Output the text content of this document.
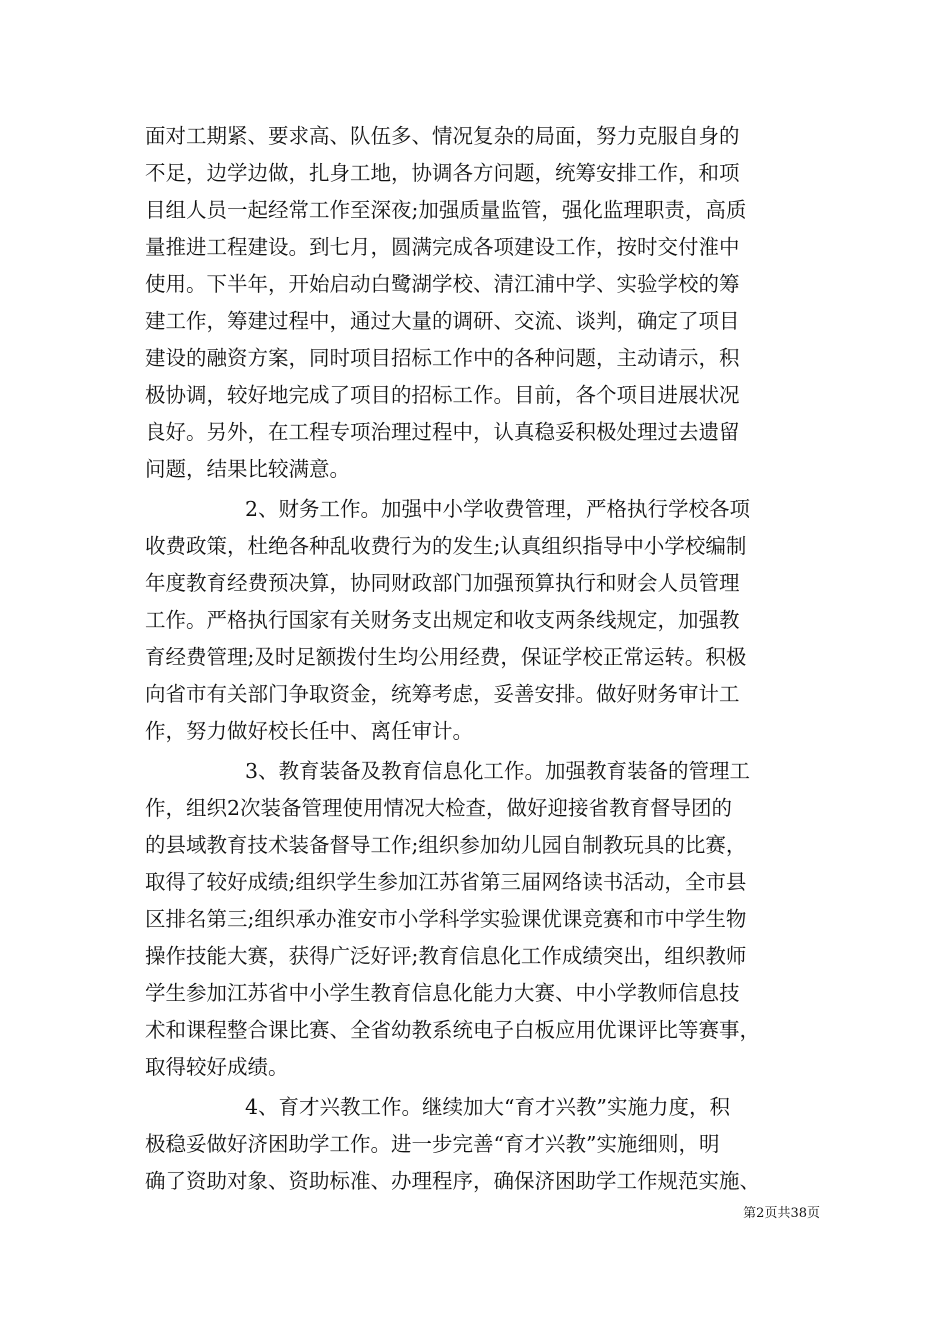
面对工期紧、要求高、队伍多、情况复杂的局面，努力克服自身的
不足，边学边做，扎身工地，协调各方问题，统筹安排工作，和项
目组人员一起经常工作至深夜;加强质量监管，强化监理职责，高质
量推进工程建设。到七月，圆满完成各项建设工作，按时交付淮中
使用。下半年，开始启动白鹭湖学校、清江浦中学、实验学校的筹
建工作，筹建过程中，通过大量的调研、交流、谈判，确定了项目
建设的融资方案，同时项目招标工作中的各种问题，主动请示，积
极协调，较好地完成了项目的招标工作。目前，各个项目进展状况
良好。另外，在工程专项治理过程中，认真稳妥积极处理过去遗留
问题，结果比较满意。
2、财务工作。加强中小学收费管理，严格执行学校各项
收费政策，杜绝各种乱收费行为的发生;认真组织指导中小学校编制
年度教育经费预决算，协同财政部门加强预算执行和财会人员管理
工作。严格执行国家有关财务支出规定和收支两条线规定，加强教
育经费管理;及时足额拨付生均公用经费，保证学校正常运转。积极
向省市有关部门争取资金，统筹考虑，妥善安排。做好财务审计工
作，努力做好校长任中、离任审计。
3、教育装备及教育信息化工作。加强教育装备的管理工
作，组织2次装备管理使用情况大检查，做好迎接省教育督导团的
的县域教育技术装备督导工作;组织参加幼儿园自制教玩具的比赛，
取得了较好成绩;组织学生参加江苏省第三届网络读书活动，全市县
区排名第三;组织承办淮安市小学科学实验课优课竞赛和市中学生物
操作技能大赛，获得广泛好评;教育信息化工作成绩突出，组织教师
学生参加江苏省中小学生教育信息化能力大赛、中小学教师信息技
术和课程整合课比赛、全省幼教系统电子白板应用优课评比等赛事，
取得较好成绩。
4、育才兴教工作。继续加大“育才兴教”实施力度，积
极稳妥做好济困助学工作。进一步完善“育才兴教”实施细则，明
确了资助对象、资助标准、办理程序，确保济困助学工作规范实施、
第2页共38页
